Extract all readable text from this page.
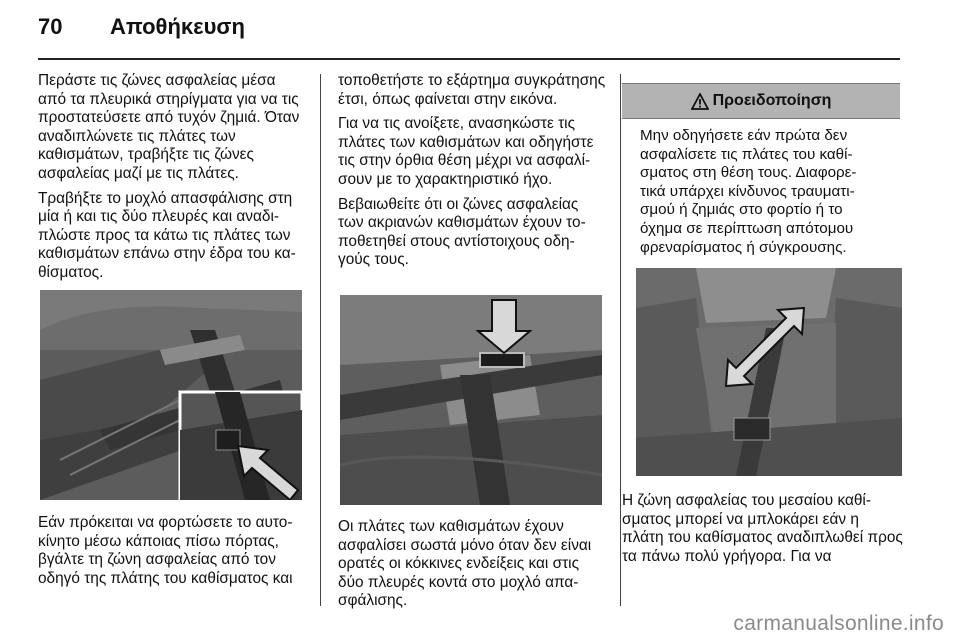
70	Αποθήκευση

Περάστε τις ζώνες ασφαλείας μέσα από τα πλευρικά στηρίγματα για να τις προστατεύσετε από τυχόν ζημιά. Όταν αναδιπλώνετε τις πλάτες των καθισμάτων, τραβήξτε τις ζώνες ασφαλείας μαζί με τις πλάτες.

Τραβήξτε το μοχλό απασφάλισης στη μία ή και τις δύο πλευρές και αναδι-πλώστε προς τα κάτω τις πλάτες των καθισμάτων επάνω στην έδρα του κα-θίσματος.

Εάν πρόκειται να φορτώσετε το αυτο-κίνητο μέσω κάποιας πίσω πόρτας, βγάλτε τη ζώνη ασφαλείας από τον οδηγό της πλάτης του καθίσματος και

τοποθετήστε το εξάρτημα συγκράτησης έτσι, όπως φαίνεται στην εικόνα.

Για να τις ανοίξετε, ανασηκώστε τις πλάτες των καθισμάτων και οδηγήστε τις στην όρθια θέση μέχρι να ασφαλί-σουν με το χαρακτηριστικό ήχο.

Βεβαιωθείτε ότι οι ζώνες ασφαλείας των ακριανών καθισμάτων έχουν το-ποθετηθεί στους αντίστοιχους οδη-γούς τους.

Οι πλάτες των καθισμάτων έχουν ασφαλίσει σωστά μόνο όταν δεν είναι ορατές οι κόκκινες ενδείξεις και στις δύο πλευρές κοντά στο μοχλό απα-σφάλισης.

Προειδοποίηση
Μην οδηγήσετε εάν πρώτα δεν ασφαλίσετε τις πλάτες του καθί-σματος στη θέση τους. Διαφορε-τικά υπάρχει κίνδυνος τραυματι-σμού ή ζημιάς στο φορτίο ή το όχημα σε περίπτωση απότομου φρεναρίσματος ή σύγκρουσης.

Η ζώνη ασφαλείας του μεσαίου καθί-σματος μπορεί να μπλοκάρει εάν η πλάτη του καθίσματος αναδιπλωθεί προς τα πάνω πολύ γρήγορα. Για να

carmanualsonline.info
